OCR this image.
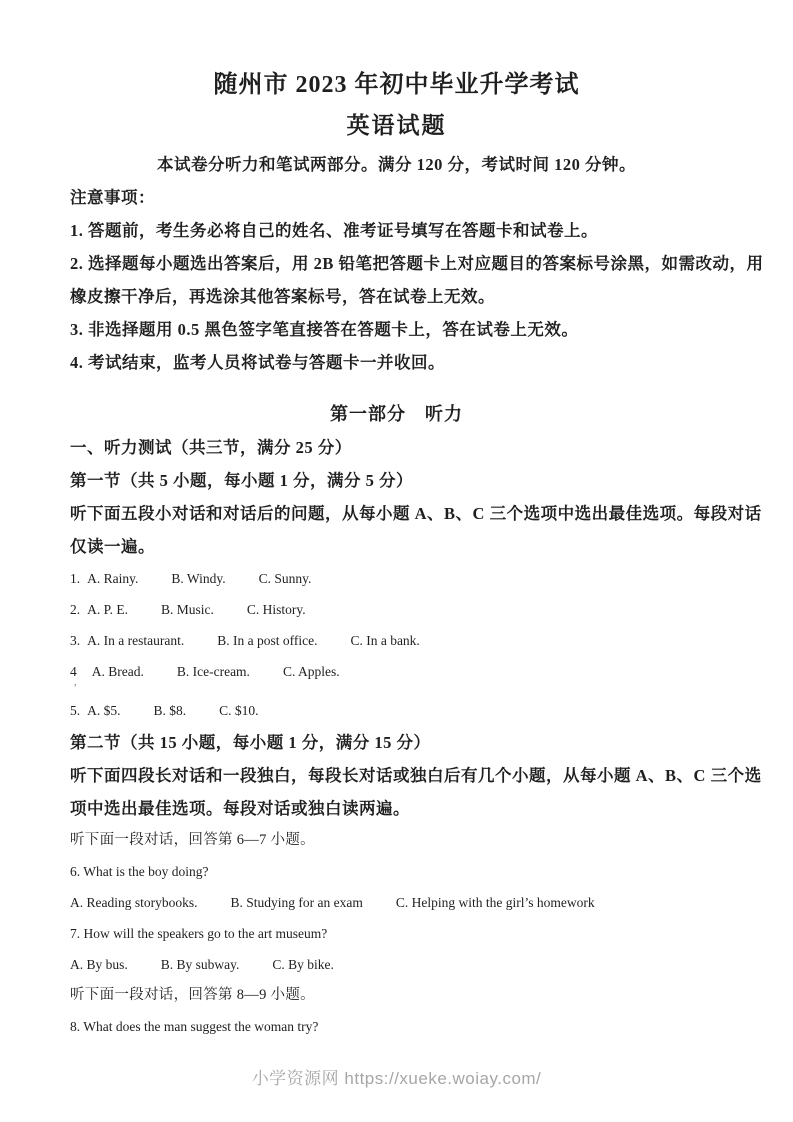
随州市 2023 年初中毕业升学考试
英语试题
本试卷分听力和笔试两部分。满分 120 分，考试时间 120 分钟。
注意事项：
1. 答题前，考生务必将自己的姓名、准考证号填写在答题卡和试卷上。
2. 选择题每小题选出答案后，用 2B 铅笔把答题卡上对应题目的答案标号涂黑，如需改动，用
橡皮擦干净后，再选涂其他答案标号，答在试卷上无效。
3. 非选择题用 0.5 黑色签字笔直接答在答题卡上，答在试卷上无效。
4. 考试结束，监考人员将试卷与答题卡一并收回。
第一部分　听力
一、听力测试（共三节，满分 25 分）
第一节（共 5 小题，每小题 1 分，满分 5 分）
听下面五段小对话和对话后的问题，从每小题 A、B、C 三个选项中选出最佳选项。每段对话
仅读一遍。
1. A. Rainy. B. Windy. C. Sunny.
2. A. P. E. B. Music. C. History.
3. A. In a restaurant. B. In a post office. C. In a bank.
4 A. Bread. B. Ice-cream. C. Apples.
,
5. A. $5. B. $8. C. $10.
第二节（共 15 小题，每小题 1 分，满分 15 分）
听下面四段长对话和一段独白，每段长对话或独白后有几个小题，从每小题 A、B、C 三个选
项中选出最佳选项。每段对话或独白读两遍。
听下面一段对话，回答第 6—7 小题。
6. What is the boy doing?
A. Reading storybooks. B. Studying for an exam C. Helping with the girl’s homework
7. How will the speakers go to the art museum?
A. By bus. B. By subway. C. By bike.
听下面一段对话，回答第 8—9 小题。
8. What does the man suggest the woman try?
小学资源网 https://xueke.woiay.com/
